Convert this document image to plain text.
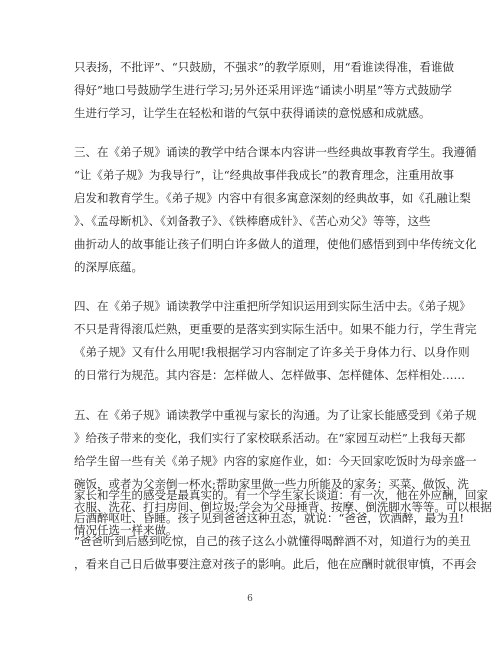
只表扬，不批评”、“只鼓励，不强求”的教学原则，用“看谁读得准，看谁做
得好”地口号鼓励学生进行学习;另外还采用评选“诵读小明星”等方式鼓励学
生进行学习，让学生在轻松和谐的气氛中获得诵读的意悦感和成就感。
三、在《弟子规》诵读的教学中结合课本内容讲一些经典故事教育学生。我遵循
“让《弟子规》为我导行”，让“经典故事伴我成长”的教育理念，注重用故事
启发和教育学生。《弟子规》内容中有很多寓意深刻的经典故事，如《孔融让梨
》、《孟母断机》、《刘备教子》、《铁棒磨成针》、《苦心劝父》等等，这些
曲折动人的故事能让孩子们明白许多做人的道理，使他们感悟到到中华传统文化
的深厚底蕴。
四、在《弟子规》诵读教学中注重把所学知识运用到实际生活中去。《弟子规》
不只是背得滚瓜烂熟，更重要的是落实到实际生活中。如果不能力行，学生背完
《弟子规》又有什么用呢!我根据学习内容制定了许多关于身体力行、以身作则
的日常行为规范。其内容是：怎样做人、怎样做事、怎样健体、怎样相处……
五、在《弟子规》诵读教学中重视与家长的沟通。为了让家长能感受到《弟子规
》给孩子带来的变化，我们实行了家校联系活动。在“家园互动栏”上我每天都
给学生留一些有关《弟子规》内容的家庭作业，如：今天回家吃饭时为母亲盛一
碗饭，或者为父亲倒一杯水;帮助家里做一些力所能及的家务：买菜、做饭、洗
衣服、洗花、打扫房间、倒垃圾;学会为父母捶背、按摩、倒洗脚水等等。可以根据
情况任选一样来做。
家长和学生的感受是最真实的。有一个学生家长谈道：有一次，他在外应酬，回家
后酒醉呕吐、昏睡。孩子见到爸爸这种丑态，就说：“爸爸，饮酒醉，最为丑!
”爸爸听到后感到吃惊，自己的孩子这么小就懂得喝醉酒不对，知道行为的美丑
，看来自己日后做事要注意对孩子的影响。此后，他在应酬时就很审慎，不再会
6
